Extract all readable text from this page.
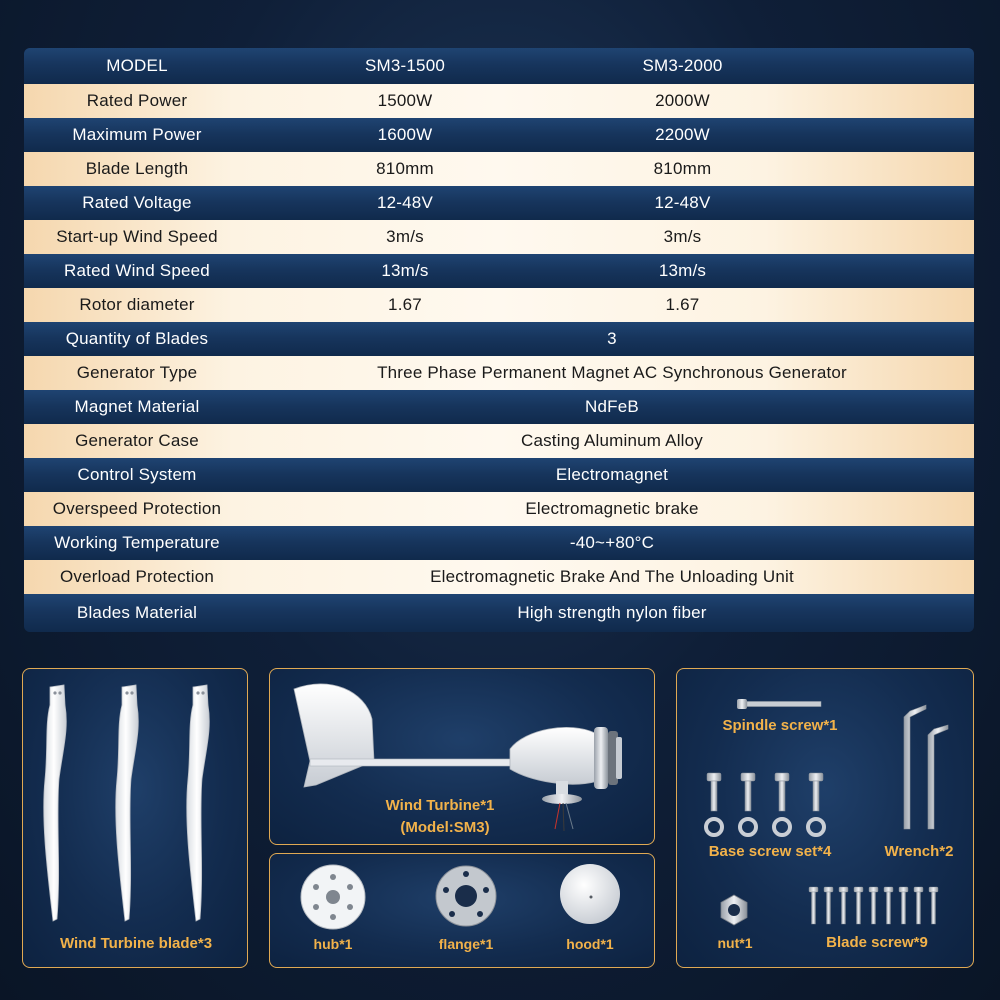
MODEL	SM3-1500	SM3-2000
Rated Power	1500W	2000W
Maximum Power	1600W	2200W
Blade Length	810mm	810mm
Rated Voltage	12-48V	12-48V
Start-up Wind Speed	3m/s	3m/s
Rated Wind Speed	13m/s	13m/s
Rotor diameter	1.67	1.67
Quantity of Blades	3
Generator Type	Three Phase Permanent Magnet AC Synchronous Generator
Magnet Material	NdFeB
Generator Case	Casting Aluminum Alloy
Control System	Electromagnet
Overspeed Protection	Electromagnetic brake
Working Temperature	-40~+80°C
Overload Protection	Electromagnetic Brake And The Unloading Unit
Blades Material	High strength nylon fiber
Wind Turbine blade*3
Wind Turbine*1
(Model:SM3)
hub*1	flange*1	hood*1
Spindle screw*1
Wrench*2
Base screw set*4
nut*1	Blade screw*9
